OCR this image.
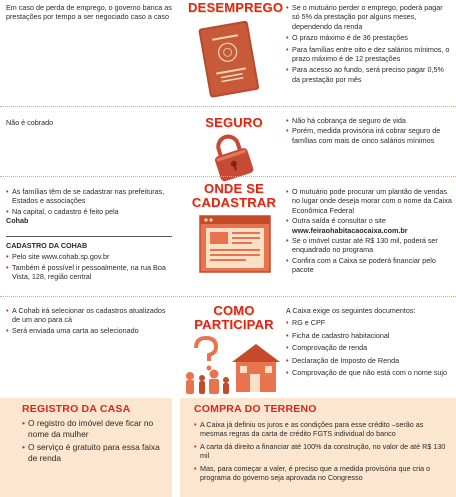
Em caso de perda de emprego, o governo banca as prestações por tempo a ser negociado caso a caso
DESEMPREGO	• Se o mutuário perder o emprego, poderá pagar só 5% da prestação por alguns meses, dependendo da renda
• O prazo máximo é de 36 prestações
• Para famílias entre oito e dez salários mínimos, o prazo máximo é de 12 prestações
• Para acesso ao fundo, será preciso pagar 0,5% da prestação por mês
Não é cobrado	SEGURO	• Não há cobrança de seguro de vida
• Porém, medida provisória irá cobrar seguro de famílias com mais de cinco salários mínimos
• As famílias têm de se cadastrar nas prefeituras, Estados e associações
• Na capital, o cadastro é feito pela
Cohab
CADASTRO DA COHAB
• Pelo site www.cohab.sp.gov.br
• Também é possível ir pessoalmente, na rua Boa Vista, 128, região central
ONDE SE
CADASTRAR
• O mutuário pode procurar um plantão de vendas no lugar onde deseja morar com o nome da Caixa Econômica Federal
• Outra saída é consultar o site
www.feiraohabitacaocaixa.com.br
• Se o imóvel custar até R$ 130 mil, poderá ser enquadrado no programa
• Confira com a Caixa se poderá financiar pelo pacote
• A Cohab irá selecionar os cadastros atualizados de um ano para cá
• Será enviada uma carta ao selecionado
COMO
PARTICIPAR
A Caixa exige os seguintes documentos:
• RG e CPF
• Ficha de cadastro habitacional
• Comprovação de renda
• Declaração de Imposto de Renda
• Comprovação de que não está com o nome sujo
REGISTRO DA CASA
• O registro do imóvel deve ficar no nome da mulher
• O serviço é gratuito para essa faixa de renda
COMPRA DO TERRENO
• A Caixa já definiu os juros e as condições para esse crédito –serão as mesmas regras da carta de crédito FGTS individual do banco
• A carta dá direito a financiar até 100% da construção, no valor de até R$ 130 mil
• Mas, para começar a valer, é preciso que a medida provisória que cria o programa do governo seja aprovada no Congresso
